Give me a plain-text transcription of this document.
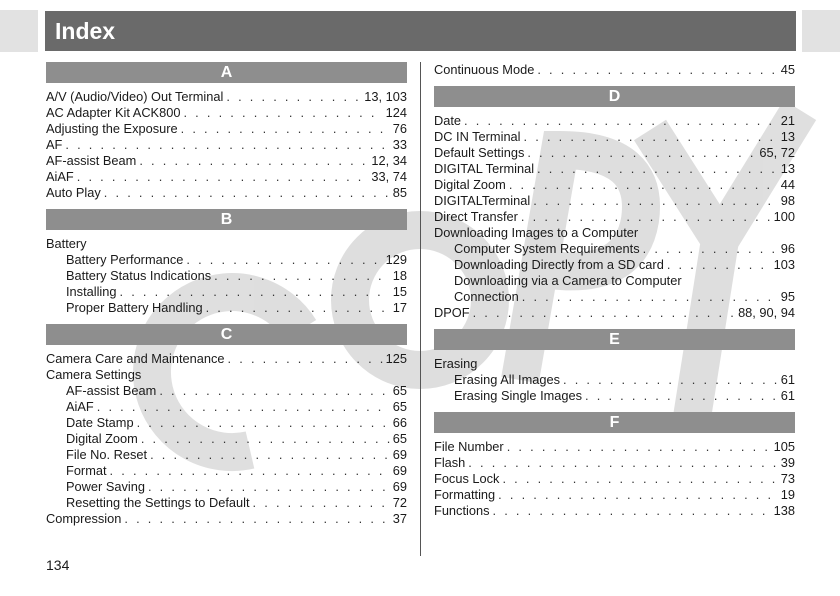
Index
A
A/V (Audio/Video) Out Terminal . . .	13, 103
AC Adapter Kit ACK800 . . .	124
Adjusting the Exposure . . .	76
AF . . .	33
AF-assist Beam . . .	12, 34
AiAF . . .	33, 74
Auto Play . . .	85
B
Battery
Battery Performance . . .	129
Battery Status Indications . . .	18
Installing . . .	15
Proper Battery Handling . . .	17
C
Camera Care and Maintenance . . .	125
Camera Settings
AF-assist Beam . . .	65
AiAF . . .	65
Date Stamp . . .	66
Digital Zoom . . .	65
File No. Reset . . .	69
Format . . .	69
Power Saving . . .	69
Resetting the Settings to Default . . .	72
Compression . . .	37
Continuous Mode . . .	45
D
Date . . .	21
DC IN Terminal . . .	13
Default Settings . . .	65, 72
DIGITAL Terminal . . .	13
Digital Zoom . . .	44
DIGITALTerminal . . .	98
Direct Transfer . . .	100
Downloading Images to a Computer
Computer System Requirements . . .	96
Downloading Directly from a SD card . . .	103
Downloading via a Camera to Computer
Connection . . .	95
DPOF . . .	88, 90, 94
E
Erasing
Erasing All Images . . .	61
Erasing Single Images . . .	61
F
File Number . . .	105
Flash . . .	39
Focus Lock . . .	73
Formatting . . .	19
Functions . . .	138
134
